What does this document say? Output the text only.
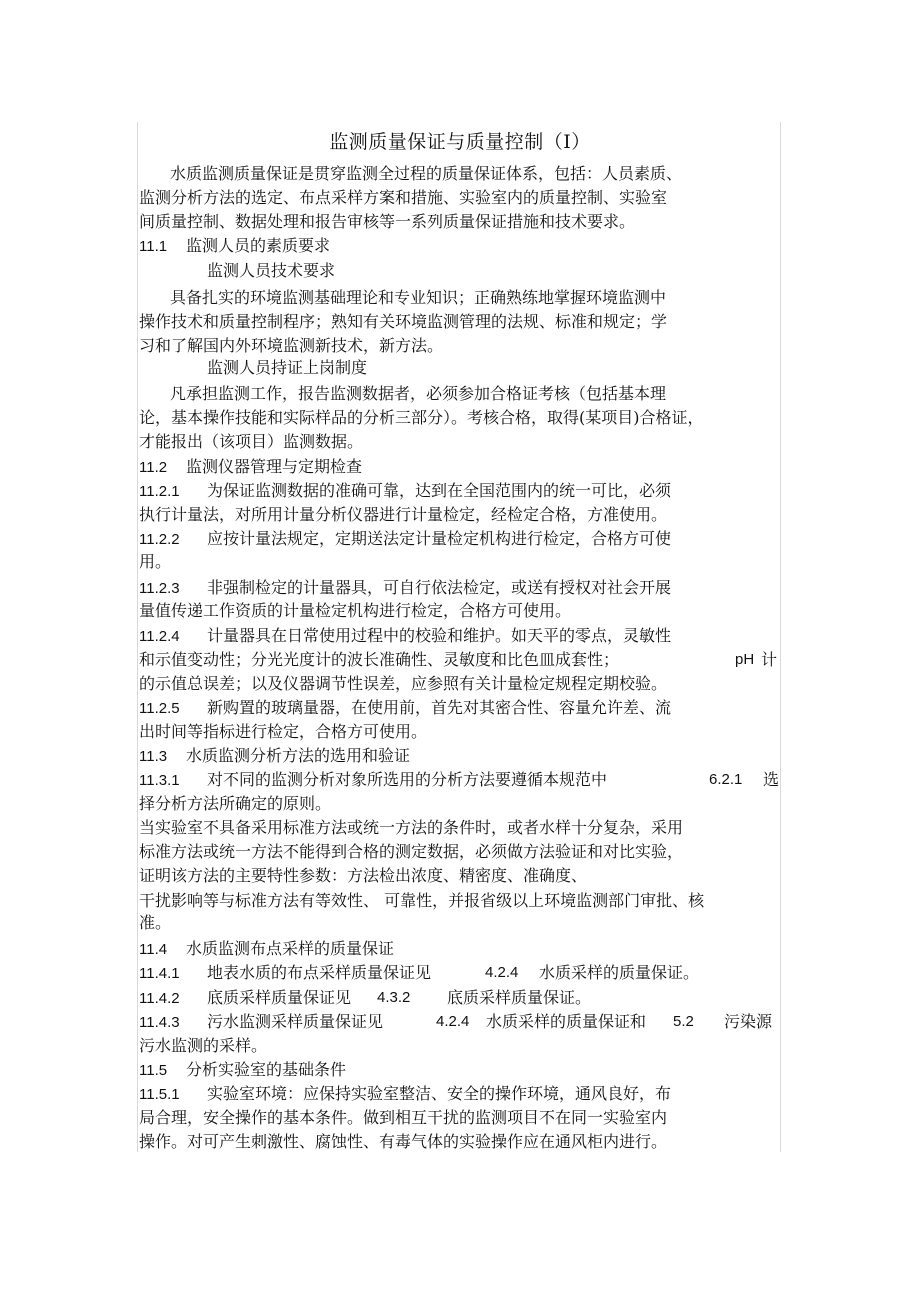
监测质量保证与质量控制（Ⅰ）
水质监测质量保证是贯穿监测全过程的质量保证体系，包括：人员素质、
监测分析方法的选定、布点采样方案和措施、实验室内的质量控制、实验室
间质量控制、数据处理和报告审核等一系列质量保证措施和技术要求。
11.1 监测人员的素质要求
监测人员技术要求
具备扎实的环境监测基础理论和专业知识；正确熟练地掌握环境监测中
操作技术和质量控制程序；熟知有关环境监测管理的法规、标准和规定；学
习和了解国内外环境监测新技术，新方法。
监测人员持证上岗制度
凡承担监测工作，报告监测数据者，必须参加合格证考核（包括基本理
论，基本操作技能和实际样品的分析三部分）。考核合格，取得(某项目)合格证，
才能报出（该项目）监测数据。
11.2 监测仪器管理与定期检查
11.2.1 为保证监测数据的准确可靠，达到在全国范围内的统一可比，必须
执行计量法，对所用计量分析仪器进行计量检定，经检定合格，方准使用。
11.2.2 应按计量法规定，定期送法定计量检定机构进行检定，合格方可使
用。
11.2.3 非强制检定的计量器具，可自行依法检定，或送有授权对社会开展
量值传递工作资质的计量检定机构进行检定，合格方可使用。
11.2.4 计量器具在日常使用过程中的校验和维护。如天平的零点，灵敏性
和示值变动性；分光光度计的波长准确性、灵敏度和比色皿成套性；	pH 计
的示值总误差；以及仪器调节性误差，应参照有关计量检定规程定期校验。
11.2.5 新购置的玻璃量器，在使用前，首先对其密合性、容量允许差、流
出时间等指标进行检定，合格方可使用。
11.3 水质监测分析方法的选用和验证
11.3.1 对不同的监测分析对象所选用的分析方法要遵循本规范中	6.2.1 选
择分析方法所确定的原则。
当实验室不具备采用标准方法或统一方法的条件时，或者水样十分复杂，采用
标准方法或统一方法不能得到合格的测定数据，必须做方法验证和对比实验，
证明该方法的主要特性参数：方法检出浓度、精密度、准确度、
干扰影响等与标准方法有等效性、 可靠性，并报省级以上环境监测部门审批、核
准。
11.4 水质监测布点采样的质量保证
11.4.1 地表水质的布点采样质量保证见	4.2.4 水质采样的质量保证。
11.4.2 底质采样质量保证见 4.3.2 底质采样质量保证。
11.4.3 污水监测采样质量保证见	4.2.4 水质采样的质量保证和 5.2 污染源
污水监测的采样。
11.5 分析实验室的基础条件
11.5.1 实验室环境：应保持实验室整洁、安全的操作环境，通风良好，布
局合理，安全操作的基本条件。做到相互干扰的监测项目不在同一实验室内
操作。对可产生刺激性、腐蚀性、有毒气体的实验操作应在通风柜内进行。
